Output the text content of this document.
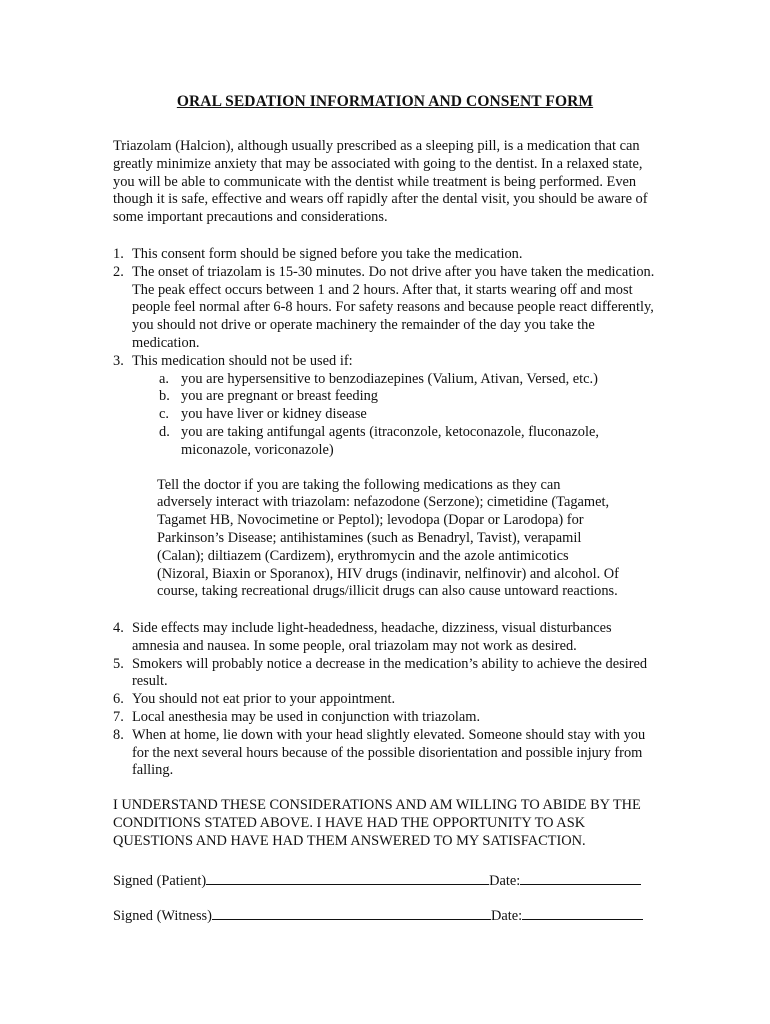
ORAL SEDATION INFORMATION AND CONSENT FORM
Triazolam (Halcion), although usually prescribed as a sleeping pill, is a medication that can greatly minimize anxiety that may be associated with going to the dentist. In a relaxed state, you will be able to communicate with the dentist while treatment is being performed. Even though it is safe, effective and wears off rapidly after the dental visit, you should be aware of some important precautions and considerations.
1. This consent form should be signed before you take the medication.
2. The onset of triazolam is 15-30 minutes. Do not drive after you have taken the medication. The peak effect occurs between 1 and 2 hours. After that, it starts wearing off and most people feel normal after 6-8 hours. For safety reasons and because people react differently, you should not drive or operate machinery the remainder of the day you take the medication.
3. This medication should not be used if:
a. you are hypersensitive to benzodiazepines (Valium, Ativan, Versed, etc.)
b. you are pregnant or breast feeding
c. you have liver or kidney disease
d. you are taking antifungal agents (itraconzole, ketoconazole, fluconazole, miconazole, voriconazole)
Tell the doctor if you are taking the following medications as they can adversely interact with triazolam: nefazodone (Serzone); cimetidine (Tagamet, Tagamet HB, Novocimetine or Peptol); levodopa (Dopar or Larodopa) for Parkinson’s Disease; antihistamines (such as Benadryl, Tavist), verapamil (Calan); diltiazem (Cardizem), erythromycin and the azole antimicotics (Nizoral, Biaxin or Sporanox), HIV drugs (indinavir, nelfinovir) and alcohol. Of course, taking recreational drugs/illicit drugs can also cause untoward reactions.
4. Side effects may include light-headedness, headache, dizziness, visual disturbances amnesia and nausea. In some people, oral triazolam may not work as desired.
5. Smokers will probably notice a decrease in the medication’s ability to achieve the desired result.
6. You should not eat prior to your appointment.
7. Local anesthesia may be used in conjunction with triazolam.
8. When at home, lie down with your head slightly elevated. Someone should stay with you for the next several hours because of the possible disorientation and possible injury from falling.
I UNDERSTAND THESE CONSIDERATIONS AND AM WILLING TO ABIDE BY THE CONDITIONS STATED ABOVE. I HAVE HAD THE OPPORTUNITY TO ASK QUESTIONS AND HAVE HAD THEM ANSWERED TO MY SATISFACTION.
Signed (Patient)	Date:
Signed (Witness)	Date:
